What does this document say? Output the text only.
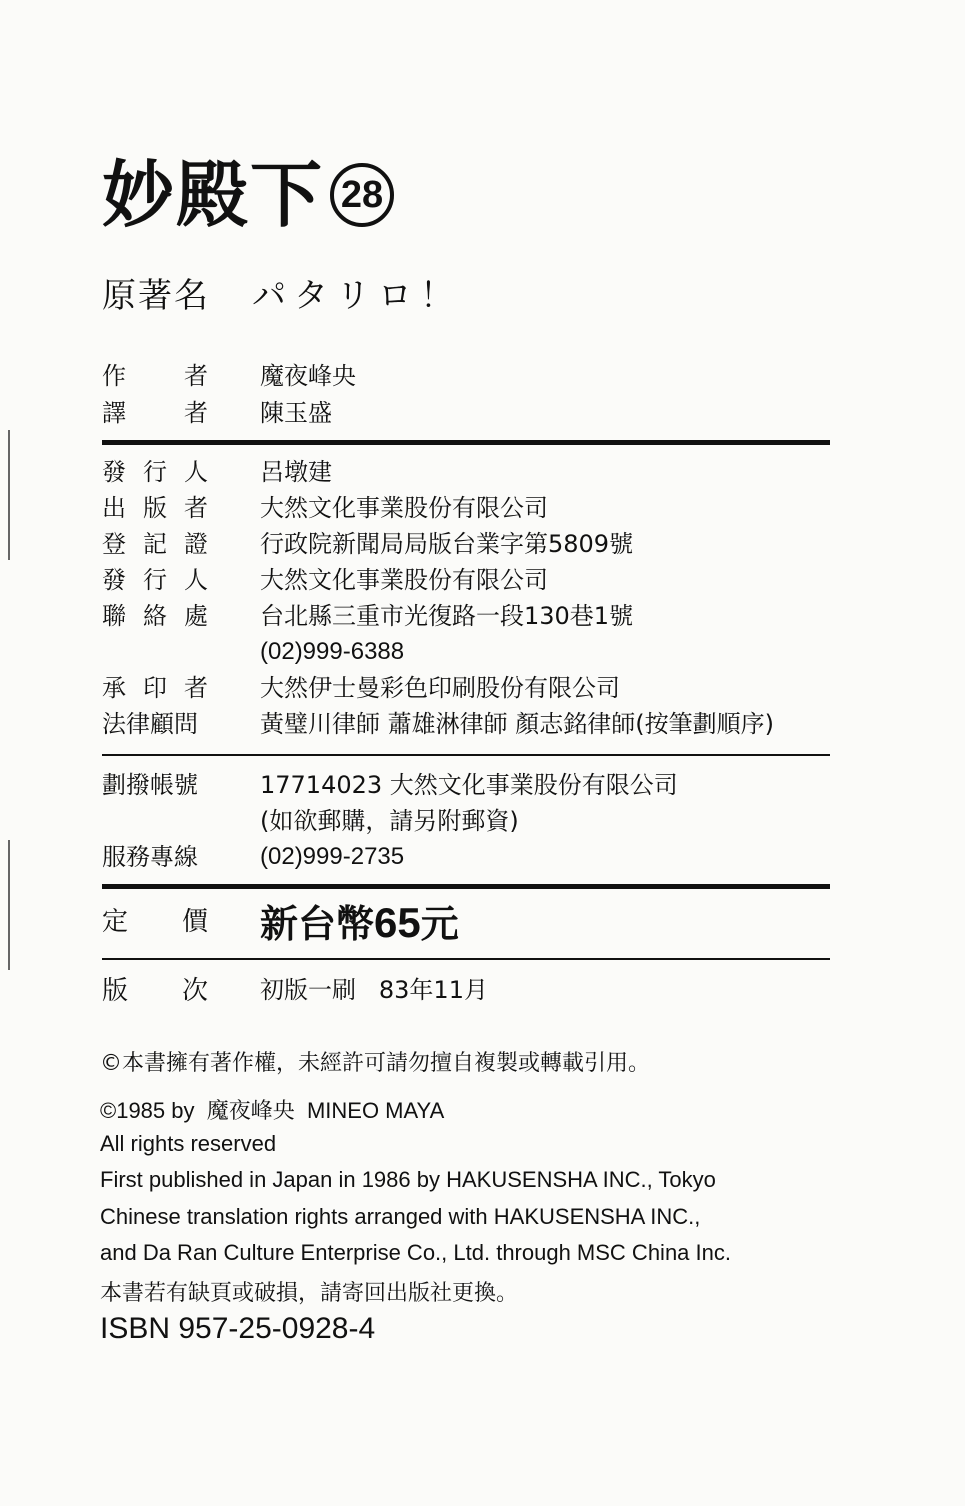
妙殿下 28
原著名	パタリロ！
作 者 魔夜峰央
譯 者 陳玉盛
發 行 人 呂墩建
出 版 者 大然文化事業股份有限公司
登 記 證 行政院新聞局局版台業字第5809號
發 行 人 大然文化事業股份有限公司
聯 絡 處 台北縣三重市光復路一段130巷1號
(02)999-6388
承 印 者 大然伊士曼彩色印刷股份有限公司
法律顧問	黃璧川律師 蕭雄淋律師 顏志銘律師(按筆劃順序)
劃撥帳號	17714023 大然文化事業股份有限公司
(如欲郵購，請另附郵資)
服務專線	(02)999-2735
定 價 新台幣65元
版 次 初版一刷   83年11月
©本書擁有著作權，未經許可請勿擅自複製或轉載引用。
©1985 by  魔夜峰央  MINEO MAYA
All rights reserved
First published in Japan in 1986 by HAKUSENSHA INC., Tokyo
Chinese translation rights arranged with HAKUSENSHA INC.,
and Da Ran Culture Enterprise Co., Ltd. through MSC China Inc.
本書若有缺頁或破損，請寄回出版社更換。
ISBN 957-25-0928-4
